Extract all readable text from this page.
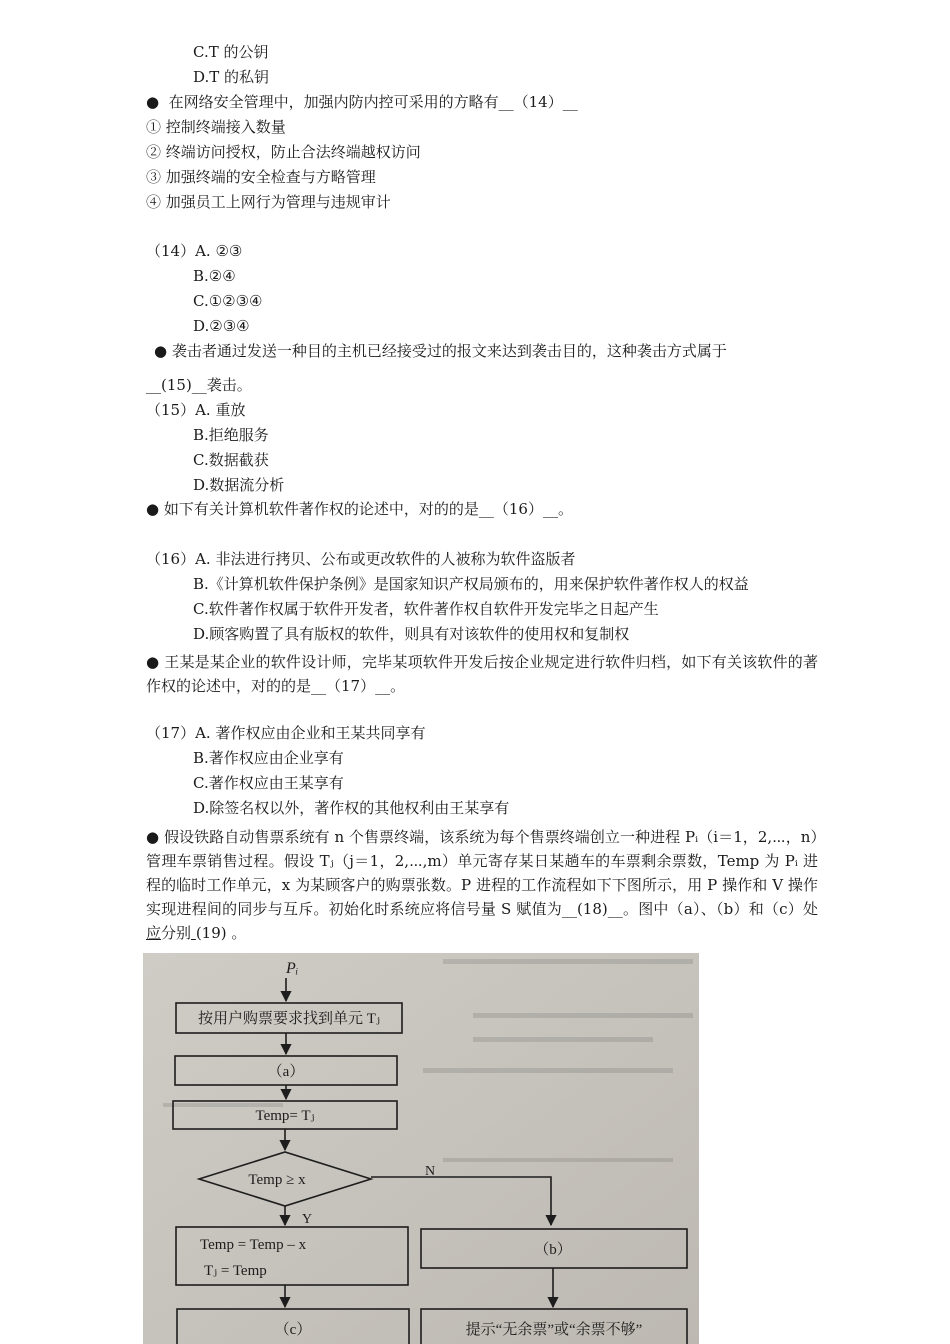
C.T 的公钥
D.T 的私钥
● 在网络安全管理中，加强内防内控可采用的方略有__（14）__
① 控制终端接入数量
② 终端访问授权，防止合法终端越权访问
③ 加强终端的安全检查与方略管理
④ 加强员工上网行为管理与违规审计
（14）A. ②③
B.②④
C.①②③④
D.②③④
● 袭击者通过发送一种目的主机已经接受过的报文来达到袭击目的，这种袭击方式属于
__(15)__袭击。
（15）A. 重放
B.拒绝服务
C.数据截获
D.数据流分析
● 如下有关计算机软件著作权的论述中，对的的是__（16）__。
（16）A. 非法进行拷贝、公布或更改软件的人被称为软件盗版者
B.《计算机软件保护条例》是国家知识产权局颁布的，用来保护软件著作权人的权益
C.软件著作权属于软件开发者，软件著作权自软件开发完毕之日起产生
D.顾客购置了具有版权的软件，则具有对该软件的使用权和复制权
● 王某是某企业的软件设计师，完毕某项软件开发后按企业规定进行软件归档，如下有关该软件的著作权的论述中，对的的是__（17）__。
（17）A. 著作权应由企业和王某共同享有
B.著作权应由企业享有
C.著作权应由王某享有
D.除签名权以外，著作权的其他权利由王某享有
● 假设铁路自动售票系统有 n 个售票终端，该系统为每个售票终端创立一种进程 Pᵢ（i＝1，2,⋯，n）管理车票销售过程。假设 Tⱼ（j＝1，2,⋯,m）单元寄存某日某趟车的车票剩余票数，Temp 为 Pᵢ 进程的临时工作单元，x 为某顾客户的购票张数。P 进程的工作流程如下下图所示，用 P 操作和 V 操作实现进程间的同步与互斥。初始化时系统应将信号量 S 赋值为__(18)__。图中（a）、（b）和（c）处应分别 (19) 。
Pᵢ
按用户购票要求找到单元 Tⱼ
（a）
Temp= Tⱼ
Temp ≥ x
N
Y
Temp = Temp – x
Tⱼ = Temp
（b）
（c）	提示“无余票”或“余票不够”
